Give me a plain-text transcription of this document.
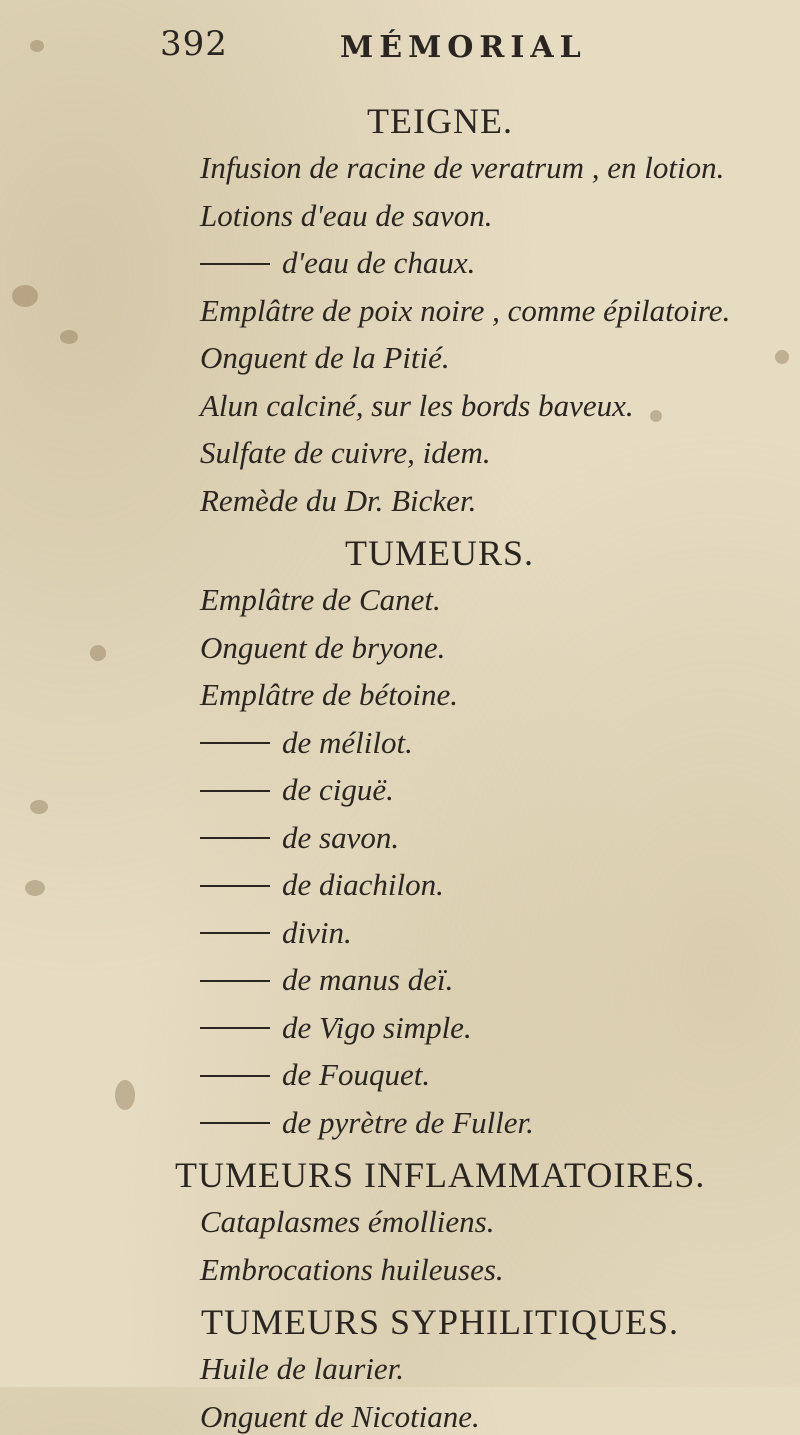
392	MÉMORIAL
TEIGNE.
Infusion de racine de veratrum , en lotion.
Lotions d'eau de savon.
d'eau de chaux.
Emplâtre de poix noire , comme épilatoire.
Onguent de la Pitié.
Alun calciné, sur les bords baveux.
Sulfate de cuivre, idem.
Remède du Dr. Bicker.
TUMEURS.
Emplâtre de Canet.
Onguent de bryone.
Emplâtre de bétoine.
de mélilot.
de ciguë.
de savon.
de diachilon.
divin.
de manus deï.
de Vigo simple.
de Fouquet.
de pyrètre de Fuller.
TUMEURS INFLAMMATOIRES.
Cataplasmes émolliens.
Embrocations huileuses.
TUMEURS SYPHILITIQUES.
Huile de laurier.
Onguent de Nicotiane.
